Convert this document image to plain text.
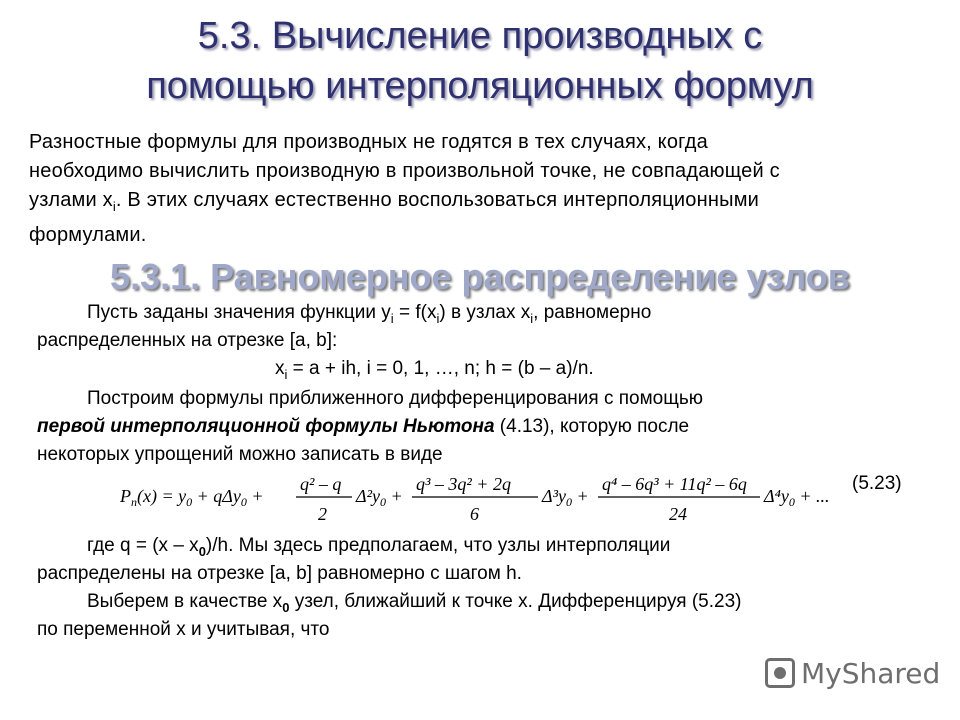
5.3. Вычисление производных с
помощью интерполяционных формул
Разностные формулы для производных не годятся в тех случаях, когда
необходимо вычислить производную в произвольной точке, не совпадающей с
узлами $x_i$. В этих случаях естественно воспользоваться интерполяционными
формулами.
5.3.1. Равномерное распределение узлов
Пусть заданы значения функции $y_i = f(x_i)$ в узлах $x_i$, равномерно
распределенных на отрезке [a, b]:
$x_i = a$ + ih, i = 0, 1, …, n; h = (b – a)/n.
Построим формулы приближенного дифференцирования с помощью
первой интерполяционной формулы Ньютона (4.13), которую после
некоторых упрощений можно записать в виде
$P_n(x) = y_0 + q\Delta y_0$ +
q² – q
2
$\Delta^2y_0$ +
q³ – 3q² + 2q
6
$\Delta^3y_0$ +
q⁴ – 6q³ + 11q² – 6q
24
$\Delta^4y_0$ + ...
(5.23)
где $q = (x - x_0)/h$. Мы здесь предполагаем, что узлы интерполяции
распределены на отрезке [a, b] равномерно с шагом h.
Выберем в качестве $x_0$ узел, ближайший к точке x. Дифференцируя (5.23)
по переменной x и учитывая, что
MyShared
